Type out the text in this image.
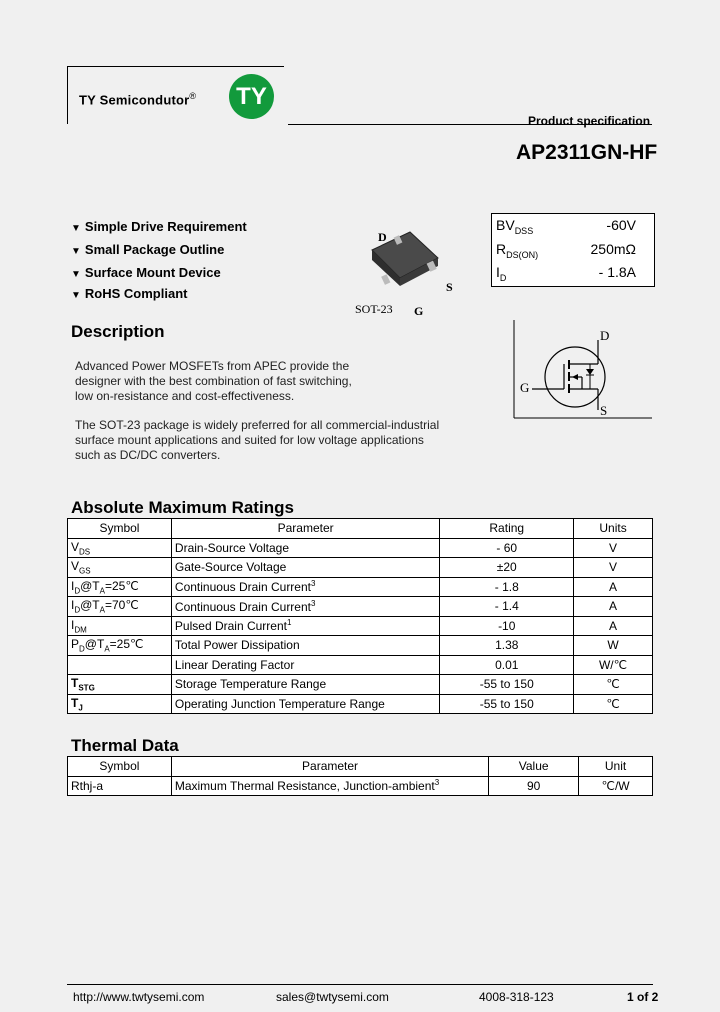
TY Semicondutor® TY
Product specification
AP2311GN-HF
▼ Simple Drive Requirement
▼ Small Package Outline
▼ Surface Mount Device
▼ RoHS Compliant
D
S
G
SOT-23
$BV_{DSS}$	-60V
$R_{DS(ON)}$	250mΩ
$I_D$	- 1.8A
Description
Advanced Power MOSFETs from APEC provide the
designer with the best combination of fast switching,
low on-resistance and cost-effectiveness.
The SOT-23 package is widely preferred for all commercial-industrial
surface mount applications and suited for low voltage applications
such as DC/DC converters.
D
G
S
Absolute Maximum Ratings
Symbol	Parameter	Rating	Units
$V_{DS}$	Drain-Source Voltage	- 60	V
$V_{GS}$	Gate-Source Voltage	±20	V
$I_D@T_A=25℃$	Continuous Drain Current$^3$	- 1.8	A
$I_D@T_A=70℃$	Continuous Drain Current$^3$	- 1.4	A
$I_{DM}$	Pulsed Drain Current$^1$	-10	A
$P_D@T_A=25℃$	Total Power Dissipation	1.38	W
	Linear Derating Factor	0.01	W/℃
$T_{STG}$	Storage Temperature Range	-55 to 150	℃
$T_J$	Operating Junction Temperature Range	-55 to 150	℃
Thermal Data
Symbol	Parameter	Value	Unit
Rthj-a	Maximum Thermal Resistance, Junction-ambient$^3$	90	℃/W
http://www.twtysemi.com	sales@twtysemi.com	4008-318-123	1 of 2
